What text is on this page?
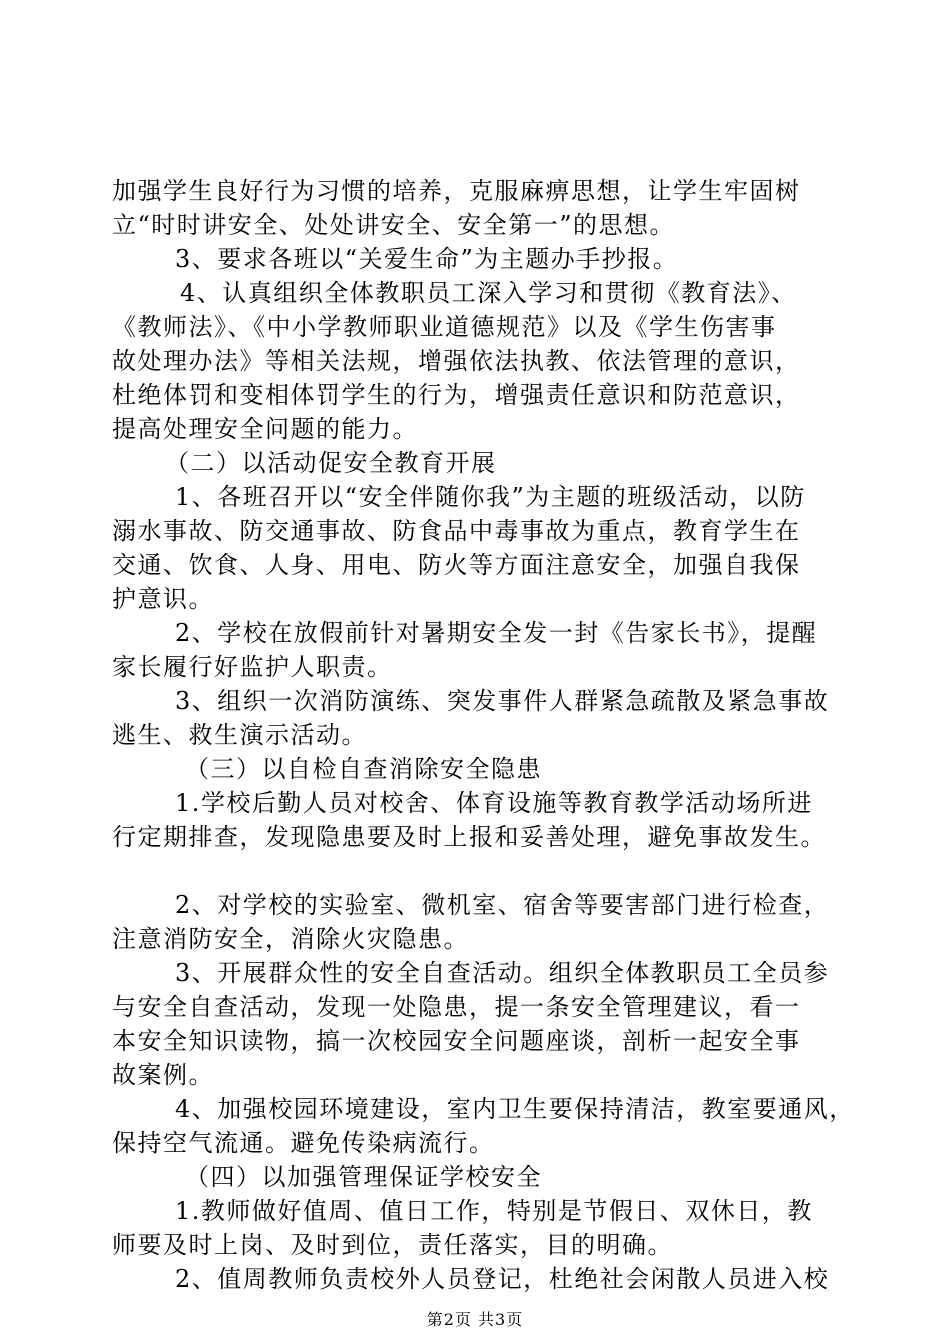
加强学生良好行为习惯的培养，克服麻痹思想，让学生牢固树
立“时时讲安全、处处讲安全、安全第一”的思想。
3、要求各班以“关爱生命”为主题办手抄报。
4、认真组织全体教职员工深入学习和贯彻《教育法》、
《教师法》、《中小学教师职业道德规范》以及《学生伤害事
故处理办法》等相关法规，增强依法执教、依法管理的意识，
杜绝体罚和变相体罚学生的行为，增强责任意识和防范意识，
提高处理安全问题的能力。
（二）以活动促安全教育开展
1、各班召开以“安全伴随你我”为主题的班级活动，以防
溺水事故、防交通事故、防食品中毒事故为重点，教育学生在
交通、饮食、人身、用电、防火等方面注意安全，加强自我保
护意识。
2、学校在放假前针对暑期安全发一封《告家长书》，提醒
家长履行好监护人职责。
3、组织一次消防演练、突发事件人群紧急疏散及紧急事故
逃生、救生演示活动。
（三）以自检自查消除安全隐患
1.学校后勤人员对校舍、体育设施等教育教学活动场所进
行定期排查，发现隐患要及时上报和妥善处理，避免事故发生。
2、对学校的实验室、微机室、宿舍等要害部门进行检查，
注意消防安全，消除火灾隐患。
3、开展群众性的安全自查活动。组织全体教职员工全员参
与安全自查活动，发现一处隐患，提一条安全管理建议，看一
本安全知识读物，搞一次校园安全问题座谈，剖析一起安全事
故案例。
4、加强校园环境建设，室内卫生要保持清洁，教室要通风，
保持空气流通。避免传染病流行。
（四）以加强管理保证学校安全
1.教师做好值周、值日工作，特别是节假日、双休日，教
师要及时上岗、及时到位，责任落实，目的明确。
2、值周教师负责校外人员登记，杜绝社会闲散人员进入校
第2页 共3页
